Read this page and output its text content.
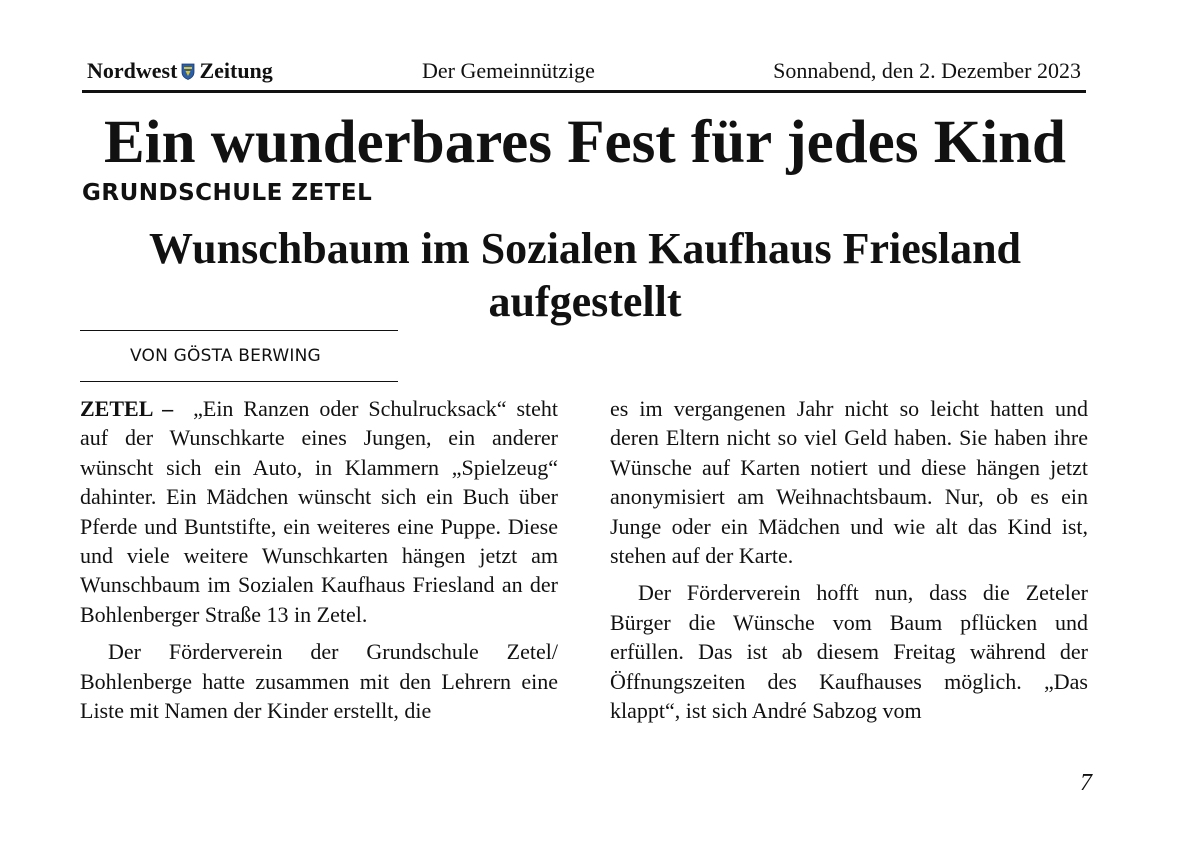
Nordwest Zeitung	Der Gemeinnützige	Sonnabend, den 2. Dezember 2023
Ein wunderbares Fest für jedes Kind
GRUNDSCHULE ZETEL
Wunschbaum im Sozialen Kaufhaus Friesland aufgestellt
VON GÖSTA BERWING

ZETEL – „Ein Ranzen oder Schulrucksack“ steht auf der Wunschkarte eines Jungen, ein anderer wünscht sich ein Auto, in Klammern „Spielzeug“ dahinter. Ein Mädchen wünscht sich ein Buch über Pferde und Buntstifte, ein weiteres eine Puppe. Diese und viele weitere Wunschkarten hängen jetzt am Wunschbaum im Sozialen Kaufhaus Friesland an der Bohlenberger Straße 13 in Zetel.

Der Förderverein der Grundschule Zetel/ Bohlenberge hatte zusammen mit den Lehrern eine Liste mit Namen der Kinder erstellt, die

es im vergangenen Jahr nicht so leicht hatten und deren Eltern nicht so viel Geld haben. Sie haben ihre Wünsche auf Karten notiert und diese hängen jetzt anonymisiert am Weihnachtsbaum. Nur, ob es ein Junge oder ein Mädchen und wie alt das Kind ist, stehen auf der Karte.

Der Förderverein hofft nun, dass die Zeteler Bürger die Wünsche vom Baum pflücken und erfüllen. Das ist ab diesem Freitag während der Öffnungszeiten des Kaufhauses möglich. „Das klappt“, ist sich André Sabzog vom

7
